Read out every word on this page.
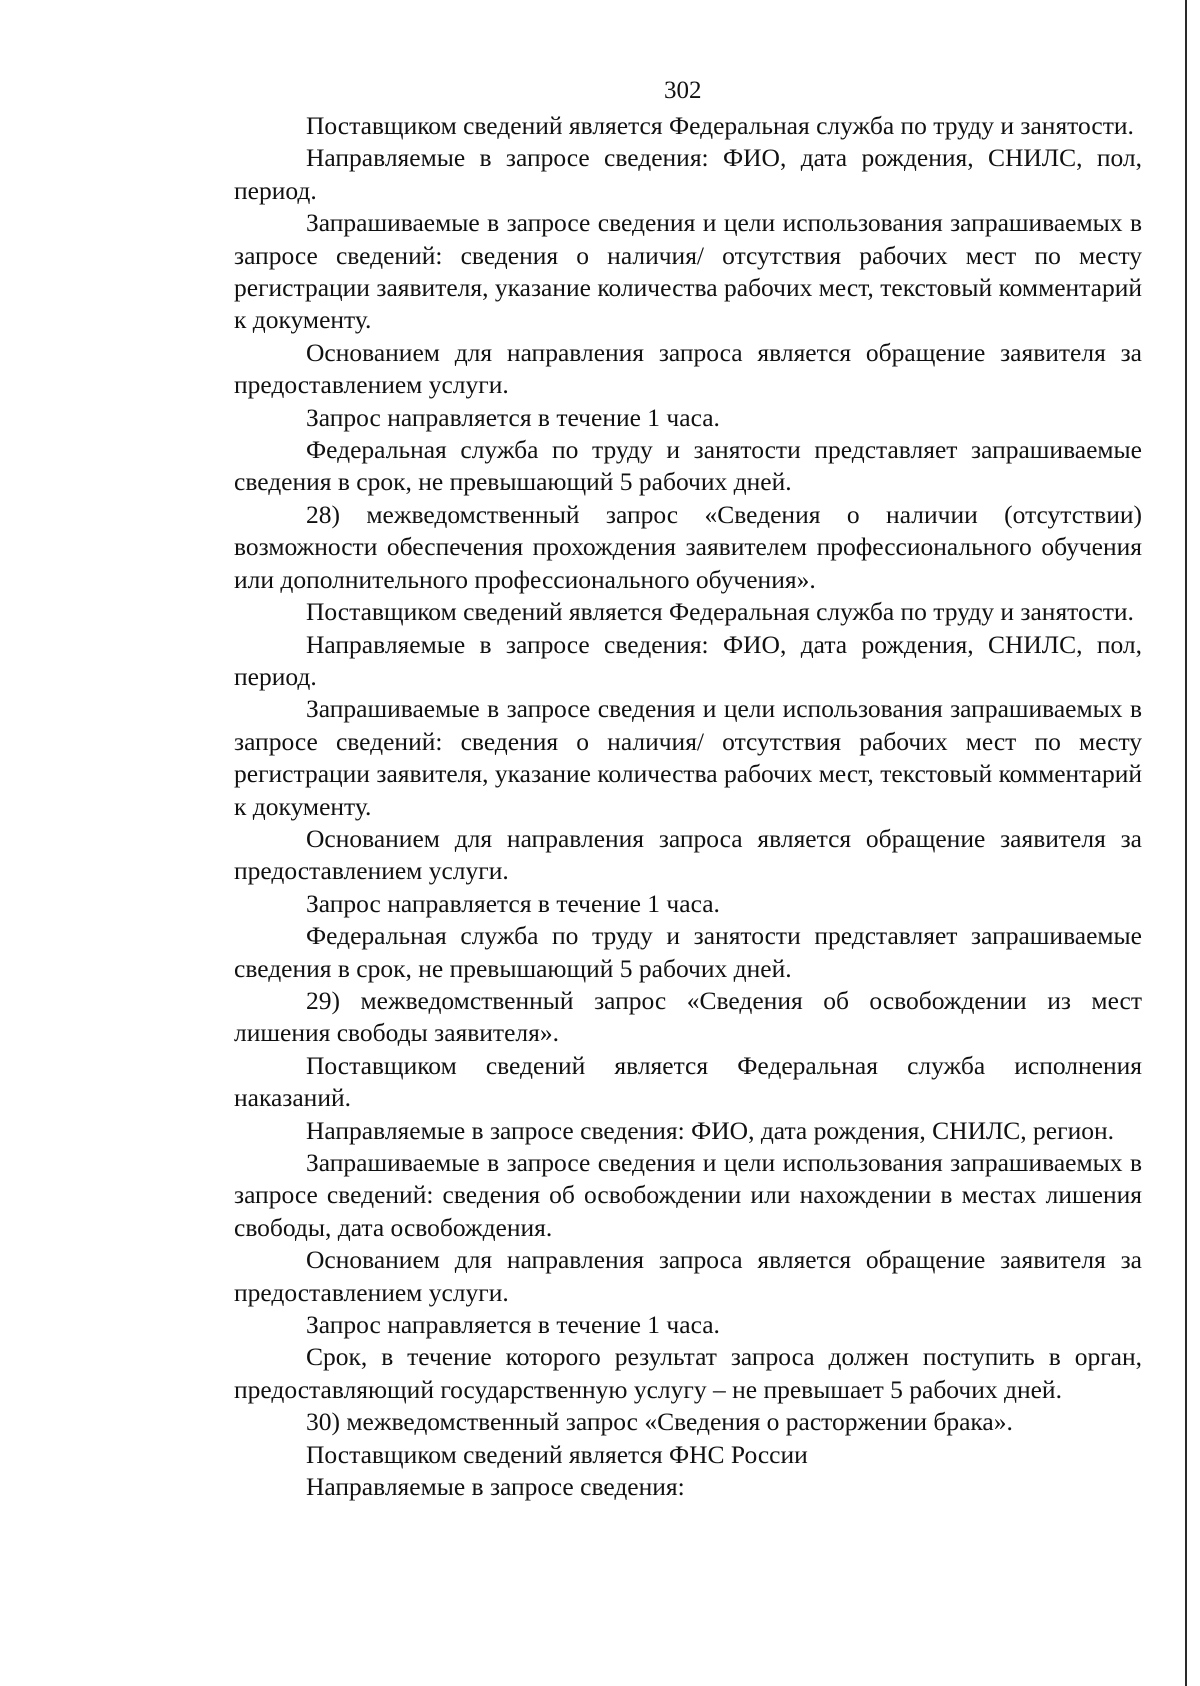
302

Поставщиком сведений является Федеральная служба по труду и занятости.

Направляемые в запросе сведения: ФИО, дата рождения, СНИЛС, пол, период.

Запрашиваемые в запросе сведения и цели использования запрашиваемых в запросе сведений: сведения о наличия/ отсутствия рабочих мест по месту регистрации заявителя, указание количества рабочих мест, текстовый комментарий к документу.

Основанием для направления запроса является обращение заявителя за предоставлением услуги.

Запрос направляется в течение 1 часа.

Федеральная служба по труду и занятости представляет запрашиваемые сведения в срок, не превышающий 5 рабочих дней.

28) межведомственный запрос «Сведения о наличии (отсутствии) возможности обеспечения прохождения заявителем профессионального обучения или дополнительного профессионального обучения».

Поставщиком сведений является Федеральная служба по труду и занятости.

Направляемые в запросе сведения: ФИО, дата рождения, СНИЛС, пол, период.

Запрашиваемые в запросе сведения и цели использования запрашиваемых в запросе сведений: сведения о наличия/ отсутствия рабочих мест по месту регистрации заявителя, указание количества рабочих мест, текстовый комментарий к документу.

Основанием для направления запроса является обращение заявителя за предоставлением услуги.

Запрос направляется в течение 1 часа.

Федеральная служба по труду и занятости представляет запрашиваемые сведения в срок, не превышающий 5 рабочих дней.

29) межведомственный запрос «Сведения об освобождении из мест лишения свободы заявителя».

Поставщиком сведений является Федеральная служба исполнения наказаний.

Направляемые в запросе сведения: ФИО, дата рождения, СНИЛС, регион.

Запрашиваемые в запросе сведения и цели использования запрашиваемых в запросе сведений: сведения об освобождении или нахождении в местах лишения свободы, дата освобождения.

Основанием для направления запроса является обращение заявителя за предоставлением услуги.

Запрос направляется в течение 1 часа.

Срок, в течение которого результат запроса должен поступить в орган, предоставляющий государственную услугу – не превышает 5 рабочих дней.

30) межведомственный запрос «Сведения о расторжении брака».

Поставщиком сведений является ФНС России

Направляемые в запросе сведения:
